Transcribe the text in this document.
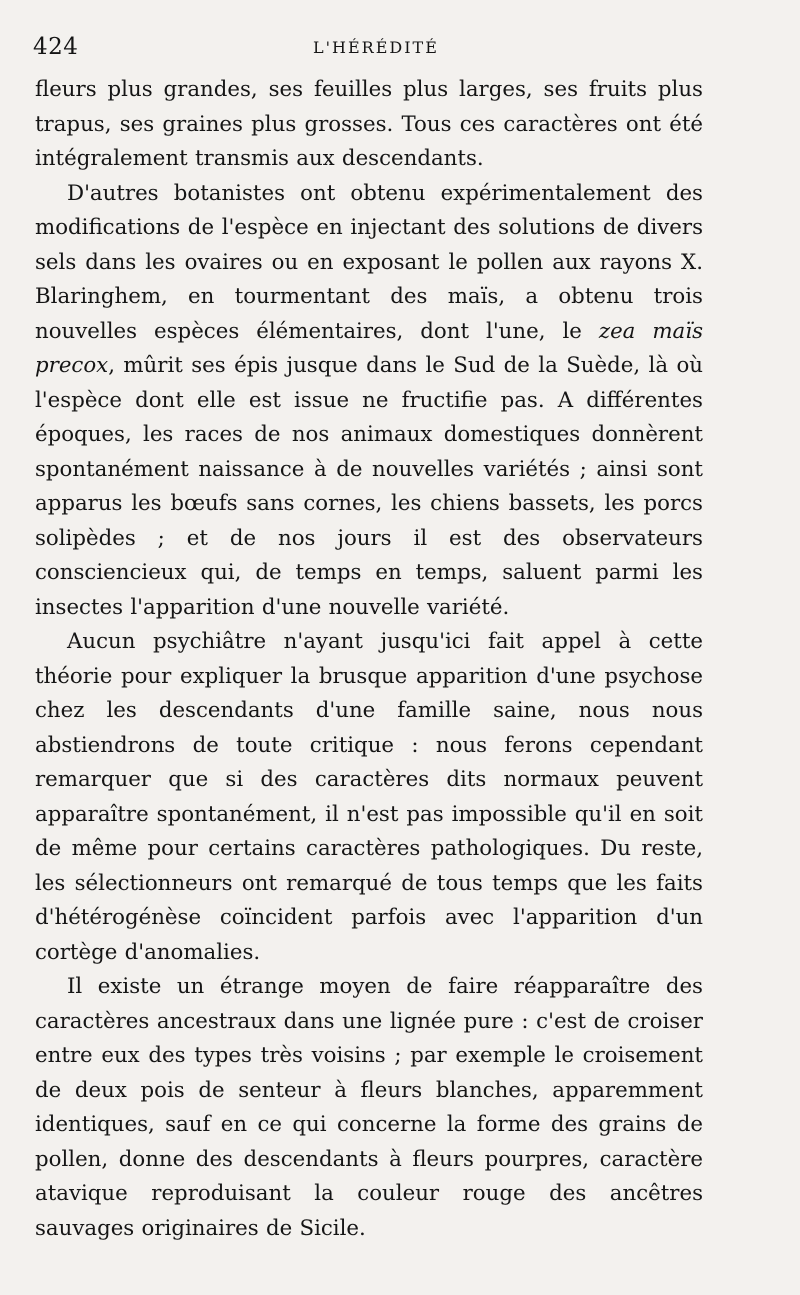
424	L'HÉRÉDITÉ

fleurs plus grandes, ses feuilles plus larges, ses fruits plus trapus, ses graines plus grosses. Tous ces caractères ont été intégralement transmis aux descendants.

D'autres botanistes ont obtenu expérimentalement des modifications de l'espèce en injectant des solutions de divers sels dans les ovaires ou en exposant le pollen aux rayons X. Blaringhem, en tourmentant des maïs, a obtenu trois nouvelles espèces élémentaires, dont l'une, le zea maïs precox, mûrit ses épis jusque dans le Sud de la Suède, là où l'espèce dont elle est issue ne fructifie pas. A différentes époques, les races de nos animaux domestiques donnèrent spontanément naissance à de nouvelles variétés ; ainsi sont apparus les bœufs sans cornes, les chiens bassets, les porcs solipèdes ; et de nos jours il est des observateurs consciencieux qui, de temps en temps, saluent parmi les insectes l'apparition d'une nouvelle variété.

Aucun psychiâtre n'ayant jusqu'ici fait appel à cette théorie pour expliquer la brusque apparition d'une psychose chez les descendants d'une famille saine, nous nous abstiendrons de toute critique : nous ferons cependant remarquer que si des caractères dits normaux peuvent apparaître spontanément, il n'est pas impossible qu'il en soit de même pour certains caractères pathologiques. Du reste, les sélectionneurs ont remarqué de tous temps que les faits d'hétérogénèse coïncident parfois avec l'apparition d'un cortège d'anomalies.

Il existe un étrange moyen de faire réapparaître des caractères ancestraux dans une lignée pure : c'est de croiser entre eux des types très voisins ; par exemple le croisement de deux pois de senteur à fleurs blanches, apparemment identiques, sauf en ce qui concerne la forme des grains de pollen, donne des descendants à fleurs pourpres, caractère atavique reproduisant la couleur rouge des ancêtres sauvages originaires de Sicile.
